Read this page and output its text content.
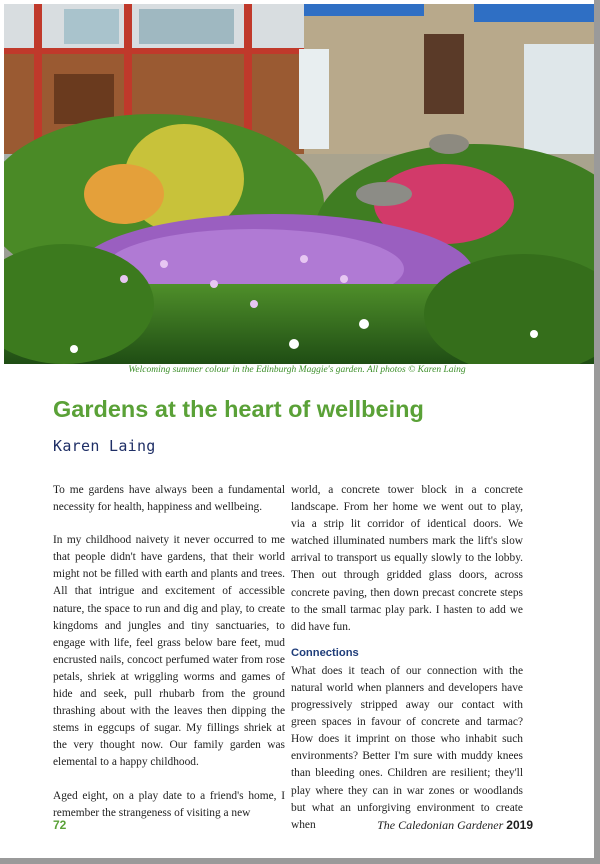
Welcoming summer colour in the Edinburgh Maggie's garden. All photos © Karen Laing
Gardens at the heart of wellbeing
Karen Laing

To me gardens have always been a fundamental necessity for health, happiness and wellbeing.

In my childhood naivety it never occurred to me that people didn't have gardens, that their world might not be filled with earth and plants and trees. All that intrigue and excitement of accessible nature, the space to run and dig and play, to create kingdoms and jungles and tiny sanctuaries, to engage with life, feel grass below bare feet, mud encrusted nails, concoct perfumed water from rose petals, shriek at wriggling worms and games of hide and seek, pull rhubarb from the ground thrashing about with the leaves then dipping the stems in eggcups of sugar. My fillings shriek at the very thought now. Our family garden was elemental to a happy childhood.

Aged eight, on a play date to a friend's home, I remember the strangeness of visiting a new

world, a concrete tower block in a concrete landscape. From her home we went out to play, via a strip lit corridor of identical doors. We watched illuminated numbers mark the lift's slow arrival to transport us equally slowly to the lobby. Then out through gridded glass doors, across concrete paving, then down precast concrete steps to the small tarmac play park. I hasten to add we did have fun.

Connections

What does it teach of our connection with the natural world when planners and developers have progressively stripped away our contact with green spaces in favour of concrete and tarmac? How does it imprint on those who inhabit such environments? Better I'm sure with muddy knees than bleeding ones. Children are resilient; they'll play where they can in war zones or woodlands but what an unforgiving environment to create when

72	The Caledonian Gardener 2019
